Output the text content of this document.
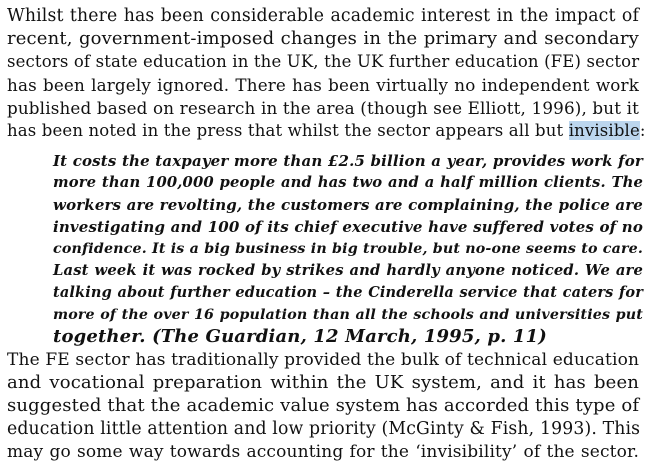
Whilst there has been considerable academic interest in the impact of
recent, government-imposed changes in the primary and secondary
sectors of state education in the UK, the UK further education (FE) sector
has been largely ignored. There has been virtually no independent work
published based on research in the area (though see Elliott, 1996), but it
has been noted in the press that whilst the sector appears all but invisible:
It costs the taxpayer more than £2.5 billion a year, provides work for
more than 100,000 people and has two and a half million clients. The
workers are revolting, the customers are complaining, the police are
investigating and 100 of its chief executive have suffered votes of no
confidence. It is a big business in big trouble, but no-one seems to care.
Last week it was rocked by strikes and hardly anyone noticed. We are
talking about further education – the Cinderella service that caters for
more of the over 16 population than all the schools and universities put
together. (The Guardian, 12 March, 1995, p. 11)
The FE sector has traditionally provided the bulk of technical education
and vocational preparation within the UK system, and it has been
suggested that the academic value system has accorded this type of
education little attention and low priority (McGinty & Fish, 1993). This
may go some way towards accounting for the ‘invisibility’ of the sector.
